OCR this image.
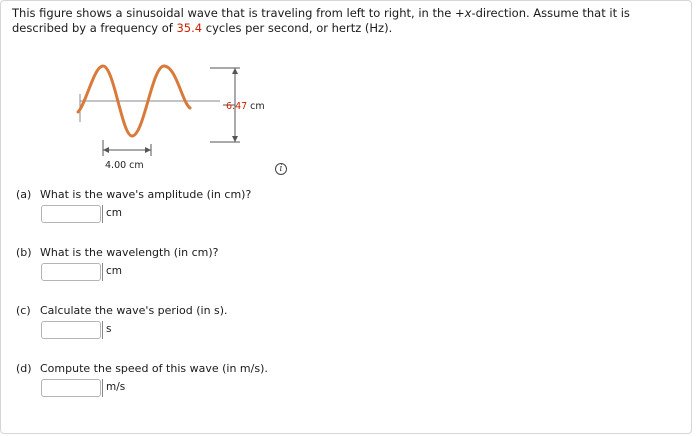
This figure shows a sinusoidal wave that is traveling from left to right, in the +x-direction. Assume that it is described by a frequency of 35.4 cycles per second, or hertz (Hz).
4.00 cm
6.47 cm
i
(a) What is the wave's amplitude (in cm)?
cm
(b) What is the wavelength (in cm)?
cm
(c) Calculate the wave's period (in s).
s
(d) Compute the speed of this wave (in m/s).
m/s
